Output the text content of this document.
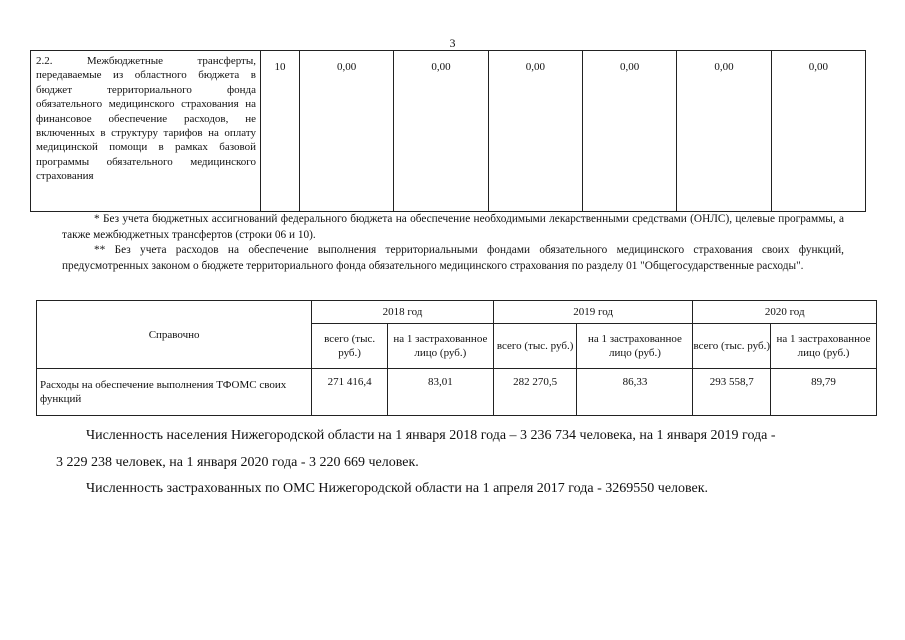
3
2.2. Межбюджетные трансферты, передаваемые из областного бюджета в бюджет территориального фонда обязательного медицинского страхования на финансовое обеспечение расходов, не включенных в структуру тарифов на оплату медицинской помощи в рамках базовой программы обязательного медицинского страхования	10	0,00	0,00	0,00	0,00	0,00	0,00
* Без учета бюджетных ассигнований федерального бюджета на обеспечение необходимыми лекарственными средствами (ОНЛС), целевые программы, а также межбюджетных трансфертов (строки 06 и 10).
** Без учета расходов на обеспечение выполнения территориальными фондами обязательного медицинского страхования своих функций, предусмотренных законом о бюджете территориального фонда обязательного медицинского страхования по разделу 01 "Общегосударственные расходы".
Справочно	2018 год		2019 год		2020 год	
	всего (тыс. руб.)	на 1 застрахованное лицо (руб.)	всего (тыс. руб.)	на 1 застрахованное лицо (руб.)	всего (тыс. руб.)	на 1 застрахованное лицо (руб.)
Расходы на обеспечение выполнения ТФОМС своих функций	271 416,4	83,01	282 270,5	86,33	293 558,7	89,79
Численность населения Нижегородской области на 1 января 2018 года – 3 236 734 человека, на 1 января 2019 года -
3 229 238 человек, на 1 января 2020 года - 3 220 669 человек.
Численность застрахованных по ОМС Нижегородской области на 1 апреля 2017 года - 3269550 человек.
